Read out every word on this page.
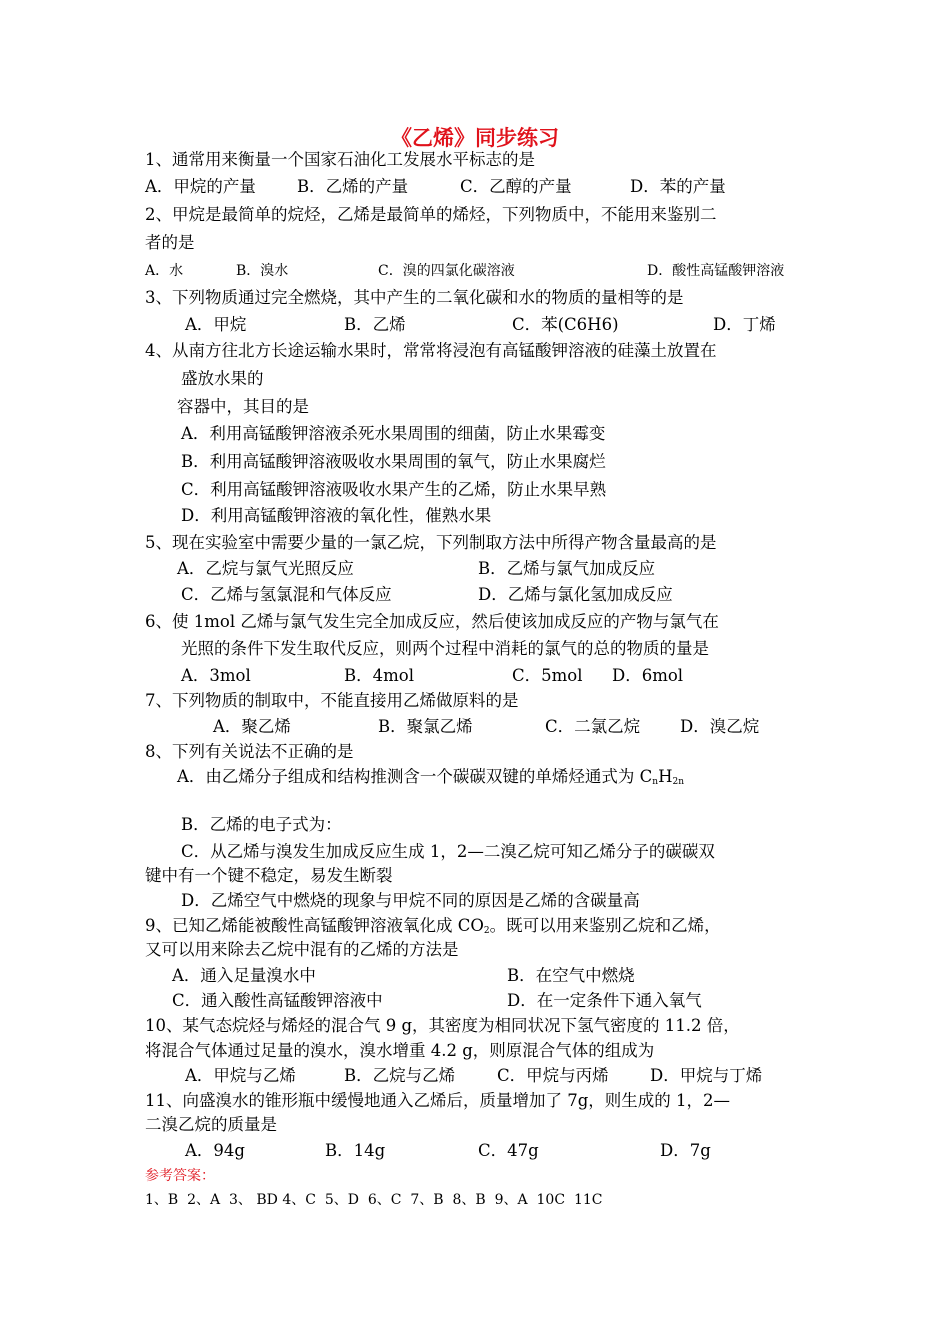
《乙烯》同步练习
1、通常用来衡量一个国家石油化工发展水平标志的是
A．甲烷的产量 B．乙烯的产量	C．乙醇的产量	D．苯的产量
2、甲烷是最简单的烷烃，乙烯是最简单的烯烃，下列物质中，不能用来鉴别二
者的是
A．水	B．溴水	C．溴的四氯化碳溶液	D．酸性高锰酸钾溶液
3、下列物质通过完全燃烧，其中产生的二氧化碳和水的物质的量相等的是
A．甲烷	B．乙烯	C．苯(C6H6)	D．丁烯
4、从南方往北方长途运输水果时，常常将浸泡有高锰酸钾溶液的硅藻土放置在
盛放水果的
容器中，其目的是
A．利用高锰酸钾溶液杀死水果周围的细菌，防止水果霉变
B．利用高锰酸钾溶液吸收水果周围的氧气，防止水果腐烂
C．利用高锰酸钾溶液吸收水果产生的乙烯，防止水果早熟
D．利用高锰酸钾溶液的氧化性，催熟水果
5、现在实验室中需要少量的一氯乙烷，下列制取方法中所得产物含量最高的是
A．乙烷与氯气光照反应	B．乙烯与氯气加成反应
C．乙烯与氢氯混和气体反应	D．乙烯与氯化氢加成反应
6、使 1mol 乙烯与氯气发生完全加成反应，然后使该加成反应的产物与氯气在
光照的条件下发生取代反应，则两个过程中消耗的氯气的总的物质的量是
A．3mol	B．4mol	C．5mol D．6mol
7、下列物质的制取中，不能直接用乙烯做原料的是
A．聚乙烯	B．聚氯乙烯	C．二氯乙烷 D．溴乙烷
8、下列有关说法不正确的是
A．由乙烯分子组成和结构推测含一个碳碳双键的单烯烃通式为 $C_nH_{2n}$
B．乙烯的电子式为：
C．从乙烯与溴发生加成反应生成 1，2—二溴乙烷可知乙烯分子的碳碳双
键中有一个键不稳定，易发生断裂
D．乙烯空气中燃烧的现象与甲烷不同的原因是乙烯的含碳量高
9、已知乙烯能被酸性高锰酸钾溶液氧化成 $CO_2$。既可以用来鉴别乙烷和乙烯，
又可以用来除去乙烷中混有的乙烯的方法是
A．通入足量溴水中	B．在空气中燃烧
C．通入酸性高锰酸钾溶液中	D．在一定条件下通入氧气
10、某气态烷烃与烯烃的混合气 9 g，其密度为相同状况下氢气密度的 11.2 倍，
将混合气体通过足量的溴水，溴水增重 4.2 g，则原混合气体的组成为
A．甲烷与乙烯	B．乙烷与乙烯	C．甲烷与丙烯	D．甲烷与丁烯
11、向盛溴水的锥形瓶中缓慢地通入乙烯后，质量增加了 7g，则生成的 1，2—
二溴乙烷的质量是
A．94g	B．14g	C．47g	D．7g
参考答案：
1、B  2、A  3、 BD 4、C  5、D  6、C  7、B  8、B  9、A  10C  11C
